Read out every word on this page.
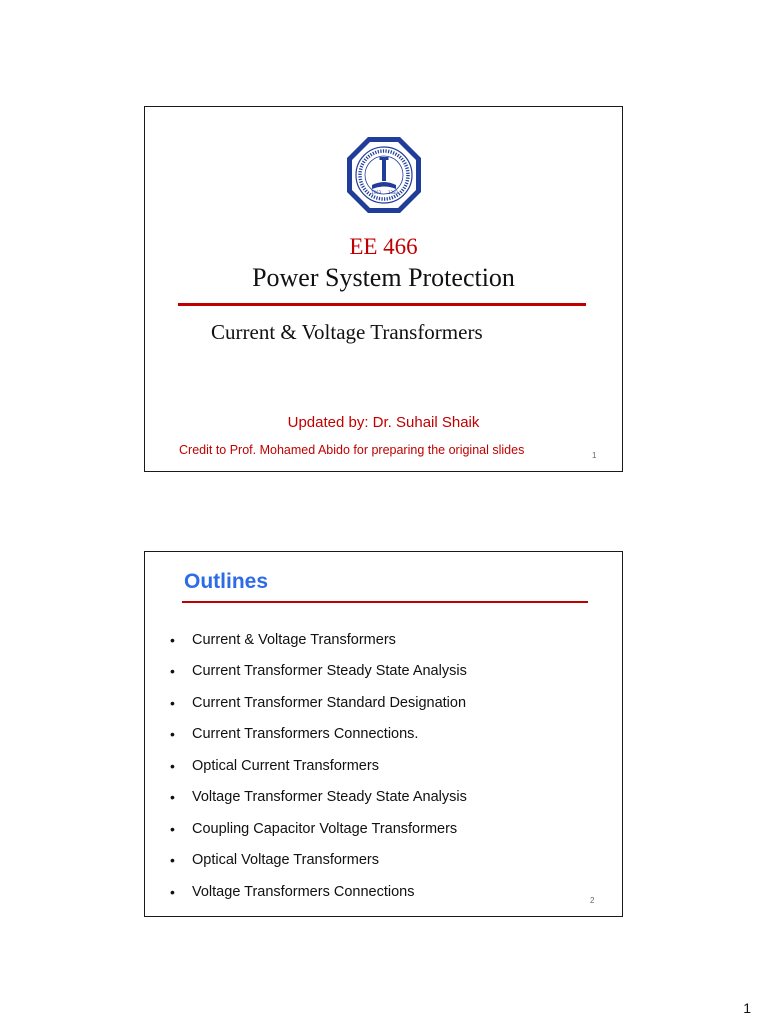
1963 1383
EE 466
Power System Protection
Current & Voltage Transformers
Updated by: Dr. Suhail Shaik
Credit to Prof. Mohamed Abido for preparing the original slides	1
Outlines
•	Current & Voltage Transformers
•	Current Transformer Steady State Analysis
•	Current Transformer Standard Designation
•	Current Transformers Connections.
•	Optical Current Transformers
•	Voltage Transformer Steady State Analysis
•	Coupling Capacitor Voltage Transformers
•	Optical Voltage Transformers
•	Voltage Transformers Connections
2
1
